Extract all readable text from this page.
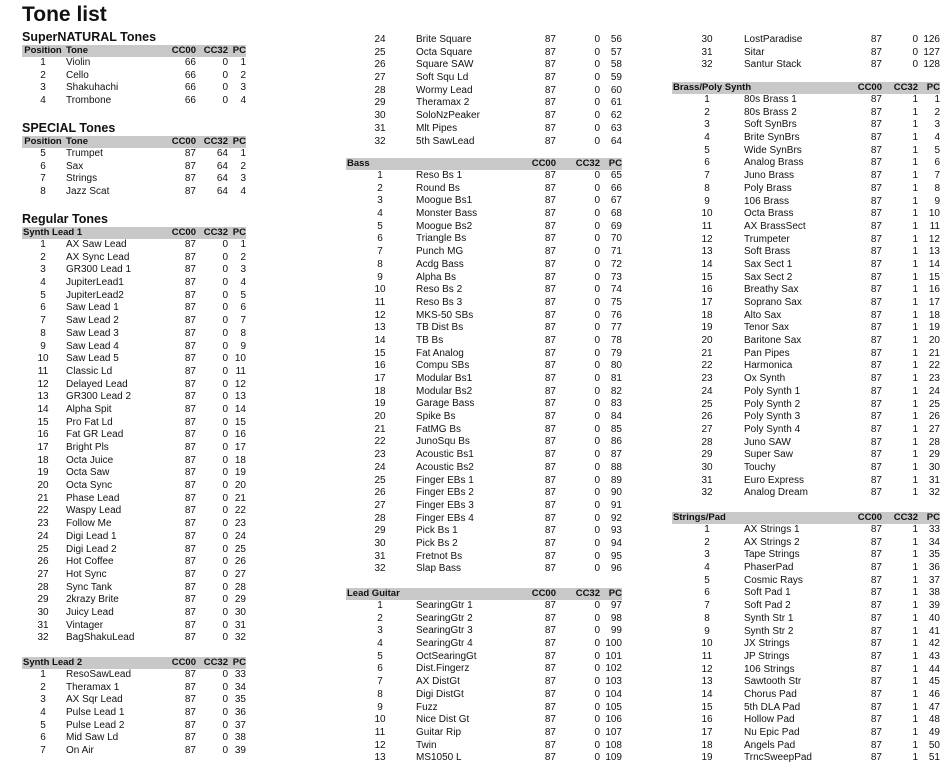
Tone list
SuperNATURAL Tones
Position Tone	CC00 CC32 PC
1	Violin	66	0	1
2	Cello	66	0	2
3	Shakuhachi	66	0	3
4	Trombone	66	0	4
SPECIAL Tones
Position Tone	CC00 CC32 PC
5	Trumpet	87	64	1
6	Sax	87	64	2
7	Strings	87	64	3
8	Jazz Scat	87	64	4
Regular Tones
Synth Lead 1	CC00 CC32 PC
1	AX Saw Lead	87	0	1
2	AX Sync Lead	87	0	2
3	GR300 Lead 1	87	0	3
4	JupiterLead1	87	0	4
5	JupiterLead2	87	0	5
6	Saw Lead 1	87	0	6
7	Saw Lead 2	87	0	7
8	Saw Lead 3	87	0	8
9	Saw Lead 4	87	0	9
10	Saw Lead 5	87	0 10
11	Classic Ld	87	0 11
12	Delayed Lead	87	0 12
13	GR300 Lead 2	87	0 13
14	Alpha Spit	87	0 14
15	Pro Fat Ld	87	0 15
16	Fat GR Lead	87	0 16
17	Bright Pls	87	0 17
18	Octa Juice	87	0 18
19	Octa Saw	87	0 19
20	Octa Sync	87	0 20
21	Phase Lead	87	0 21
22	Waspy Lead	87	0 22
23	Follow Me	87	0 23
24	Digi Lead 1	87	0 24
25	Digi Lead 2	87	0 25
26	Hot Coffee	87	0 26
27	Hot Sync	87	0 27
28	Sync Tank	87	0 28
29	2krazy Brite	87	0 29
30	Juicy Lead	87	0 30
31	Vintager	87	0 31
32	BagShakuLead	87	0 32
Synth Lead 2	CC00 CC32 PC
1	ResoSawLead	87	0 33
2	Theramax 1	87	0 34
3	AX Sqr Lead	87	0 35
4	Pulse Lead 1	87	0 36
5	Pulse Lead 2	87	0 37
6	Mid Saw Ld	87	0 38
7	On Air	87	0 39
24	Brite Square	87	0	56
25	Octa Square	87	0	57
26	Square SAW	87	0	58
27	Soft Squ Ld	87	0	59
28	Wormy Lead	87	0	60
29	Theramax 2	87	0	61
30	SoloNzPeaker	87	0	62
31	Mlt Pipes	87	0	63
32	5th SawLead	87	0	64
Bass	CC00	CC32 PC
1	Reso Bs 1	87	0	65
2	Round Bs	87	0	66
3	Moogue Bs1	87	0	67
4	Monster Bass	87	0	68
5	Moogue Bs2	87	0	69
6	Triangle Bs	87	0	70
7	Punch MG	87	0	71
8	Acdg Bass	87	0	72
9	Alpha Bs	87	0	73
10	Reso Bs 2	87	0	74
11	Reso Bs 3	87	0	75
12	MKS-50 SBs	87	0	76
13	TB Dist Bs	87	0	77
14	TB Bs	87	0	78
15	Fat Analog	87	0	79
16	Compu SBs	87	0	80
17	Modular Bs1	87	0	81
18	Modular Bs2	87	0	82
19	Garage Bass	87	0	83
20	Spike Bs	87	0	84
21	FatMG Bs	87	0	85
22	JunoSqu Bs	87	0	86
23	Acoustic Bs1	87	0	87
24	Acoustic Bs2	87	0	88
25	Finger EBs 1	87	0	89
26	Finger EBs 2	87	0	90
27	Finger EBs 3	87	0	91
28	Finger EBs 4	87	0	92
29	Pick Bs 1	87	0	93
30	Pick Bs 2	87	0	94
31	Fretnot Bs	87	0	95
32	Slap Bass	87	0	96
Lead Guitar	CC00	CC32 PC
1	SearingGtr 1	87	0	97
2	SearingGtr 2	87	0	98
3	SearingGtr 3	87	0	99
4	SearingGtr 4	87	0 100
5	OctSearingGt	87	0 101
6	Dist.Fingerz	87	0 102
7	AX DistGt	87	0 103
8	Digi DistGt	87	0 104
9	Fuzz	87	0 105
10	Nice Dist Gt	87	0 106
11	Guitar Rip	87	0 107
12	Twin	87	0 108
13	MS1050 L	87	0 109
30	LostParadise	87	0 126
31	Sitar	87	0 127
32	Santur Stack	87	0 128
Brass/Poly Synth	CC00	CC32 PC
1	80s Brass 1	87	1	1
2	80s Brass 2	87	1	2
3	Soft SynBrs	87	1	3
4	Brite SynBrs	87	1	4
5	Wide SynBrs	87	1	5
6	Analog Brass	87	1	6
7	Juno Brass	87	1	7
8	Poly Brass	87	1	8
9	106 Brass	87	1	9
10	Octa Brass	87	1	10
11	AX BrassSect	87	1	11
12	Trumpeter	87	1	12
13	Soft Brass	87	1	13
14	Sax Sect 1	87	1	14
15	Sax Sect 2	87	1	15
16	Breathy Sax	87	1	16
17	Soprano Sax	87	1	17
18	Alto Sax	87	1	18
19	Tenor Sax	87	1	19
20	Baritone Sax	87	1	20
21	Pan Pipes	87	1	21
22	Harmonica	87	1	22
23	Ox Synth	87	1	23
24	Poly Synth 1	87	1	24
25	Poly Synth 2	87	1	25
26	Poly Synth 3	87	1	26
27	Poly Synth 4	87	1	27
28	Juno SAW	87	1	28
29	Super Saw	87	1	29
30	Touchy	87	1	30
31	Euro Express	87	1	31
32	Analog Dream	87	1	32
Strings/Pad	CC00	CC32 PC
1	AX Strings 1	87	1	33
2	AX Strings 2	87	1	34
3	Tape Strings	87	1	35
4	PhaserPad	87	1	36
5	Cosmic Rays	87	1	37
6	Soft Pad 1	87	1	38
7	Soft Pad 2	87	1	39
8	Synth Str 1	87	1	40
9	Synth Str 2	87	1	41
10	JX Strings	87	1	42
11	JP Strings	87	1	43
12	106 Strings	87	1	44
13	Sawtooth Str	87	1	45
14	Chorus Pad	87	1	46
15	5th DLA Pad	87	1	47
16	Hollow Pad	87	1	48
17	Nu Epic Pad	87	1	49
18	Angels Pad	87	1	50
19	TrncSweepPad	87	1	51
